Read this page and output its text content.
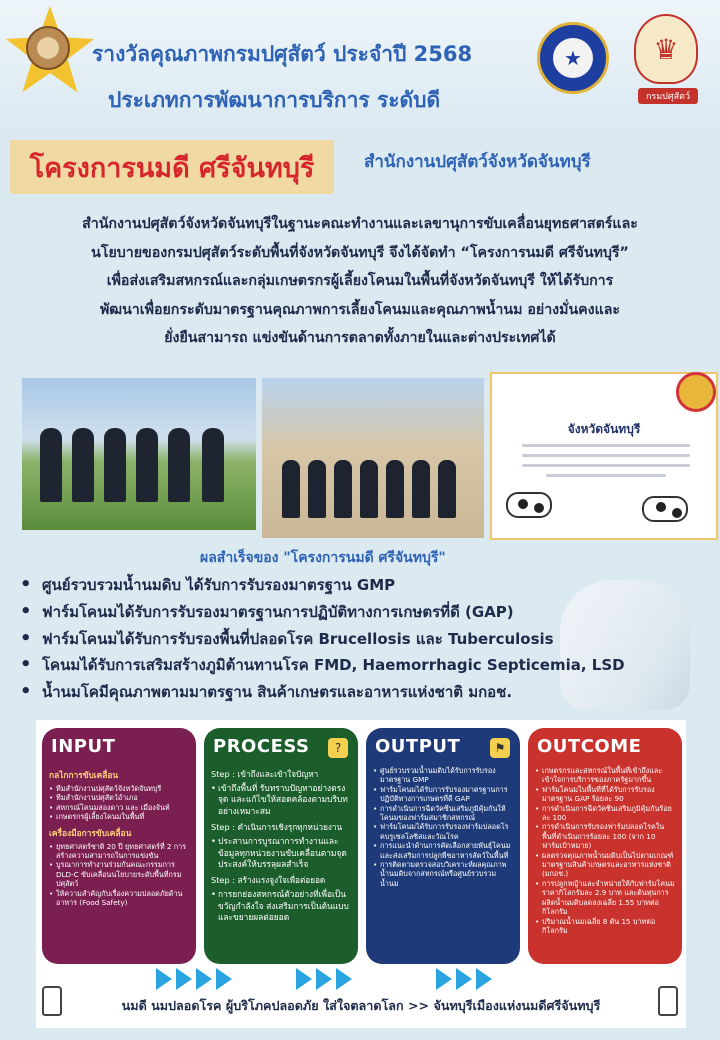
รางวัลคุณภาพกรมปศุสัตว์ ประจำปี 2568
ประเภทการพัฒนาการบริการ ระดับดี
★	♛
กรมปศุสัตว์
โครงการนมดี ศรีจันทบุรี	สำนักงานปศุสัตว์จังหวัดจันทบุรี
สำนักงานปศุสัตว์จังหวัดจันทบุรีในฐานะคณะทำงานและเลขานุการขับเคลื่อนยุทธศาสตร์และ
นโยบายของกรมปศุสัตว์ระดับพื้นที่จังหวัดจันทบุรี จึงได้จัดทำ “โครงการนมดี ศรีจันทบุรี”
เพื่อส่งเสริมสหกรณ์และกลุ่มเกษตรกรผู้เลี้ยงโคนมในพื้นที่จังหวัดจันทบุรี ให้ได้รับการ
พัฒนาเพื่อยกระดับมาตรฐานคุณภาพการเลี้ยงโคนมและคุณภาพน้ำนม อย่างมั่นคงและ
ยั่งยืนสามารถ แข่งขันด้านการตลาดทั้งภายในและต่างประเทศได้
จังหวัดจันทบุรี
ผลสำเร็จของ "โครงการนมดี ศรีจันทบุรี"
• ศูนย์รวบรวมน้ำนมดิบ ได้รับการรับรองมาตรฐาน GMP
• ฟาร์มโคนมได้รับการรับรองมาตรฐานการปฏิบัติทางการเกษตรที่ดี (GAP)
• ฟาร์มโคนมได้รับการรับรองพื้นที่ปลอดโรค Brucellosis และ Tuberculosis
• โคนมได้รับการเสริมสร้างภูมิต้านทานโรค FMD, Haemorrhagic Septicemia, LSD
• น้ำนมโคมีคุณภาพตามมาตรฐาน สินค้าเกษตรและอาหารแห่งชาติ มกอช.
INPUT
กลไกการขับเคลื่อน
• ทีมสำนักงานปศุสัตว์จังหวัดจันทบุรี
• ทีมสำนักงานปศุสัตว์อำเภอ
• สหกรณ์โคนมสองดาว และ เมืองจันท์
• เกษตรกรผู้เลี้ยงโคนมในพื้นที่
เครื่องมือการขับเคลื่อน
• ยุทธศาสตร์ชาติ 20 ปี ยุทธศาสตร์ที่ 2 การสร้างความสามารถในการแข่งขัน
• บูรณาการทำงานร่วมกันคณะกรรมการ DLD-C ขับเคลื่อนนโยบายระดับพื้นที่กรมปศุสัตว์
• ให้ความสำคัญกับเรื่องความปลอดภัยด้านอาหาร (Food Safety)
PROCESS	?
Step : เข้าถึงและเข้าใจปัญหา
• เข้าถึงพื้นที่ รับทราบปัญหาอย่างตรงจุด และแก้ไขให้สอดคล้องตามบริบทอย่างเหมาะสม
Step : ดำเนินการเชิงรุกทุกหน่วยงาน
• ประสานการบูรณาการทำงานและข้อมูลทุกหน่วยงานขับเคลื่อนตามจุดประสงค์ให้บรรลุผลสำเร็จ
Step : สร้างแรงจูงใจเพื่อต่อยอด
• การยกย่องสหกรณ์ตัวอย่างที่เพื่อเป็นขวัญกำลังใจ ส่งเสริมการเป็นต้นแบบและขยายผลต่อยอด
OUTPUT	⚑
• ศูนย์รวบรวมน้ำนมดิบได้รับการรับรองมาตรฐาน GMP
• ฟาร์มโคนมได้รับการรับรองมาตรฐานการปฏิบัติทางการเกษตรที่ดี GAP
• การดำเนินการฉีดวัคซีนเสริมภูมิคุ้มกันให้โคนมของฟาร์มสมาชิกสหกรณ์
• ฟาร์มโคนมได้รับการรับรองฟาร์มปลอดโรคบรูเซลโลซิสและวัณโรค
• การแนะนำด้านการคัดเลือกสายพันธุ์โคนมและส่งเสริมการปลูกพืชอาหารสัตว์ในพื้นที่
• การติดตามตรวจสอบวิเคราะห์ผลคุณภาพน้ำนมดิบจากสหกรณ์หรือศูนย์รวบรวมน้ำนม
OUTCOME
• เกษตรกรและสหกรณ์ในพื้นที่เข้าถึงและเข้าใจการบริการของภาครัฐมากขึ้น
• ฟาร์มโคนมในพื้นที่ที่ได้รับการรับรองมาตรฐาน GAP ร้อยละ 90
• การดำเนินการฉีดวัคซีนเสริมภูมิคุ้มกันร้อยละ 100
• การดำเนินการรับรองฟาร์มปลอดโรคในพื้นที่ดำเนินการร้อยละ 100 (จาก 10 ฟาร์มเป้าหมาย)
• ผลตรวจคุณภาพน้ำนมดิบเป็นไปตามเกณฑ์มาตรฐานสินค้าเกษตรและอาหารแห่งชาติ (มกอช.)
• การปลูกหญ้าและจำหน่ายให้กับฟาร์มโคนม ราคากิโลกรัมละ 2.9 บาท และต้นทุนการผลิตน้ำนมดิบลดลงเฉลี่ย 1.55 บาทต่อกิโลกรัม
• ปริมาณน้ำนมเฉลี่ย 8 ตัน 15 บาทต่อกิโลกรัม
นมดี นมปลอดโรค ผู้บริโภคปลอดภัย ใส่ใจตลาดโลก >> จันทบุรีเมืองแห่งนมดีศรีจันทบุรี
